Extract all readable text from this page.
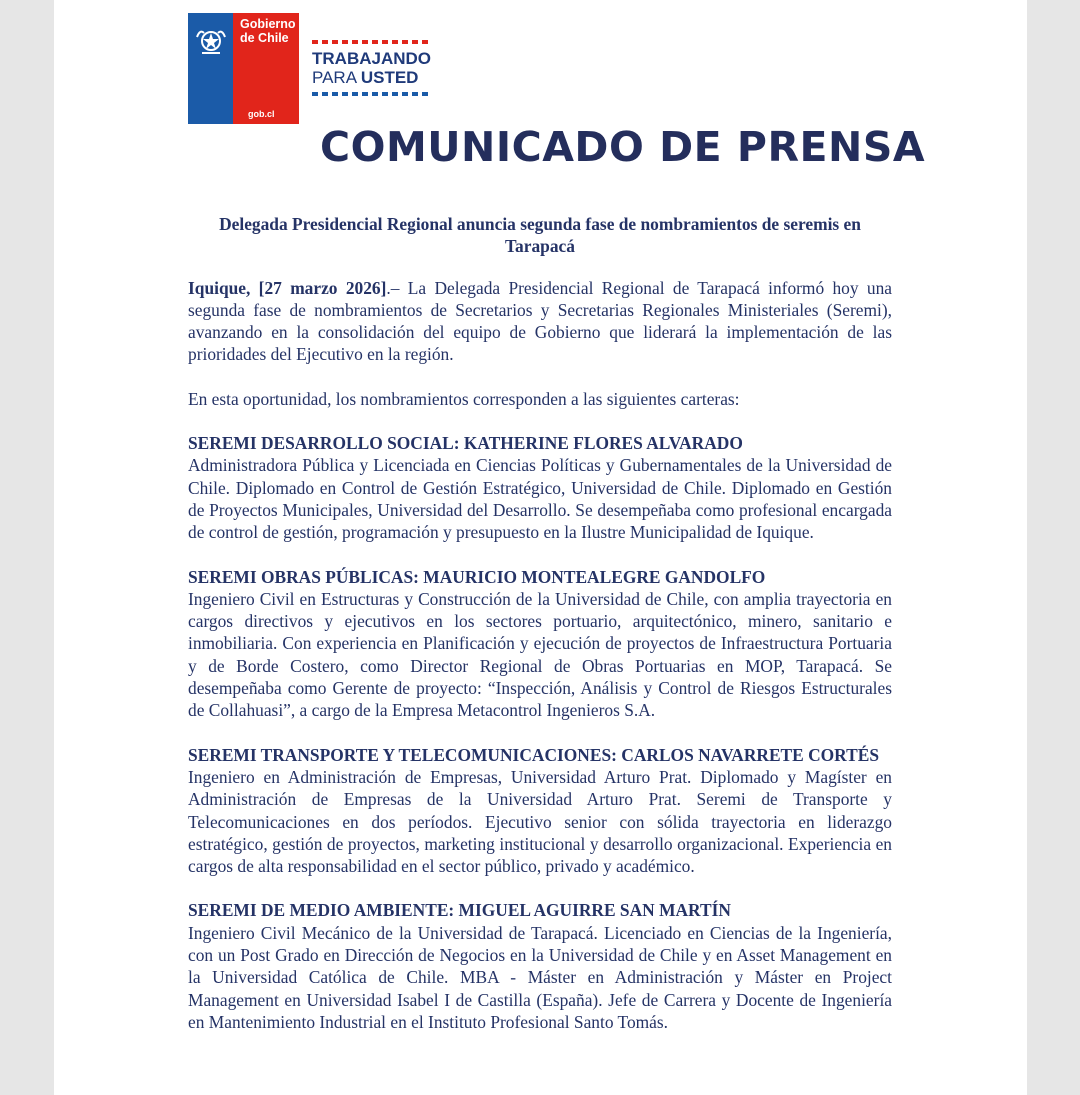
Gobierno de Chile
gob.cl
TRABAJANDO
PARA USTED
COMUNICADO DE PRENSA
Delegada Presidencial Regional anuncia segunda fase de nombramientos de seremis en Tarapacá

Iquique, [27 marzo 2026].– La Delegada Presidencial Regional de Tarapacá informó hoy una segunda fase de nombramientos de Secretarios y Secretarias Regionales Ministeriales (Seremi), avanzando en la consolidación del equipo de Gobierno que liderará la implementación de las prioridades del Ejecutivo en la región.

En esta oportunidad, los nombramientos corresponden a las siguientes carteras:

SEREMI DESARROLLO SOCIAL: KATHERINE FLORES ALVARADO
Administradora Pública y Licenciada en Ciencias Políticas y Gubernamentales de la Universidad de Chile. Diplomado en Control de Gestión Estratégico, Universidad de Chile. Diplomado en Gestión de Proyectos Municipales, Universidad del Desarrollo. Se desempeñaba como profesional encargada de control de gestión, programación y presupuesto en la Ilustre Municipalidad de Iquique.
SEREMI OBRAS PÚBLICAS: MAURICIO MONTEALEGRE GANDOLFO
Ingeniero Civil en Estructuras y Construcción de la Universidad de Chile, con amplia trayectoria en cargos directivos y ejecutivos en los sectores portuario, arquitectónico, minero, sanitario e inmobiliaria. Con experiencia en Planificación y ejecución de proyectos de Infraestructura Portuaria y de Borde Costero, como Director Regional de Obras Portuarias en MOP, Tarapacá. Se desempeñaba como Gerente de proyecto: “Inspección, Análisis y Control de Riesgos Estructurales de Collahuasi”, a cargo de la Empresa Metacontrol Ingenieros S.A.
SEREMI TRANSPORTE Y TELECOMUNICACIONES: CARLOS NAVARRETE CORTÉS
Ingeniero en Administración de Empresas, Universidad Arturo Prat. Diplomado y Magíster en Administración de Empresas de la Universidad Arturo Prat. Seremi de Transporte y Telecomunicaciones en dos períodos. Ejecutivo senior con sólida trayectoria en liderazgo estratégico, gestión de proyectos, marketing institucional y desarrollo organizacional. Experiencia en cargos de alta responsabilidad en el sector público, privado y académico.
SEREMI DE MEDIO AMBIENTE: MIGUEL AGUIRRE SAN MARTÍN
Ingeniero Civil Mecánico de la Universidad de Tarapacá. Licenciado en Ciencias de la Ingeniería, con un Post Grado en Dirección de Negocios en la Universidad de Chile y en Asset Management en la Universidad Católica de Chile. MBA - Máster en Administración y Máster en Project Management en Universidad Isabel I de Castilla (España). Jefe de Carrera y Docente de Ingeniería en Mantenimiento Industrial en el Instituto Profesional Santo Tomás.
